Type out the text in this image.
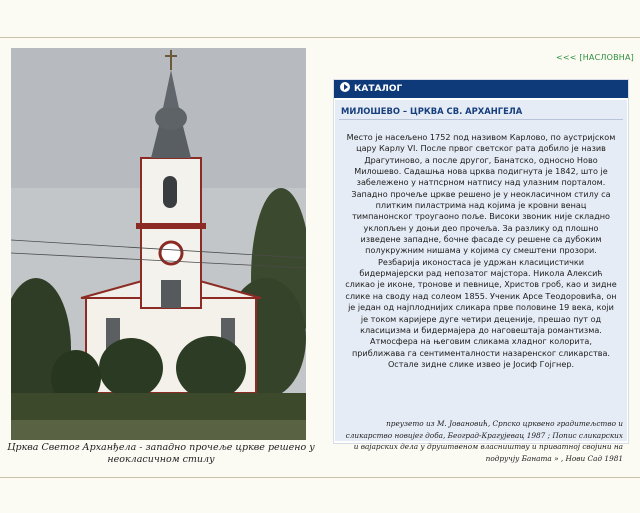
Црква Светог Арханђела - западно прочеље цркве решено у неокласичном стилу
<<< [НАСЛОВНА]
КАТАЛОГ
МИЛОШЕВО – ЦРКВА СВ. АРХАНГЕЛА
Место је насељено 1752 под називом Карлово, по аустријском цару Карлу VI. После првог светског рата добило је назив Драгутиново, а после другог, Банатско, односно Ново Милошево. Садашња нова црква подигнута је 1842, што је забележено у натпсрном натпису над улазним порталом. Западно прочеље цркве решено је у неокласичном стилу са плитким пиластрима над којима је кровни венац тимпанонског троугаоно поље. Високи звоник није складно уклопљен у доњи део прочеља. За разлику од плошно изведене западне, бочне фасаде су решене са дубоким полукружним нишама у којима су смештени прозори. Резбарија иконостаса је удржан класицистички бидермајерски рад непозатог мајстора. Никола Алексић сликао је иконе, тронове и певнице, Христов гроб, као и зидне слике на своду над солеом 1855. Ученик Арсе Теодоровића, он је један од најплоднијих сликара прве половине 19 века, који је током каријере дуге четири деценије, прешао пут од класицизма и бидермајера до наговештаја романтизма. Атмосфера на његовим сликама хладног колорита, приближава га сентименталности назаренског сликарства. Остале зидне слике извео је Јосиф Гојгнер.
преузето из М. Јовановић, Српско црквено градитељство и сликарство новијег доба, Београд-Крагујевац 1987 ; Попис сликарских и вајарских дела у друштвеном власништву и приватној својини на подручју Баната » , Нови Сад 1981
